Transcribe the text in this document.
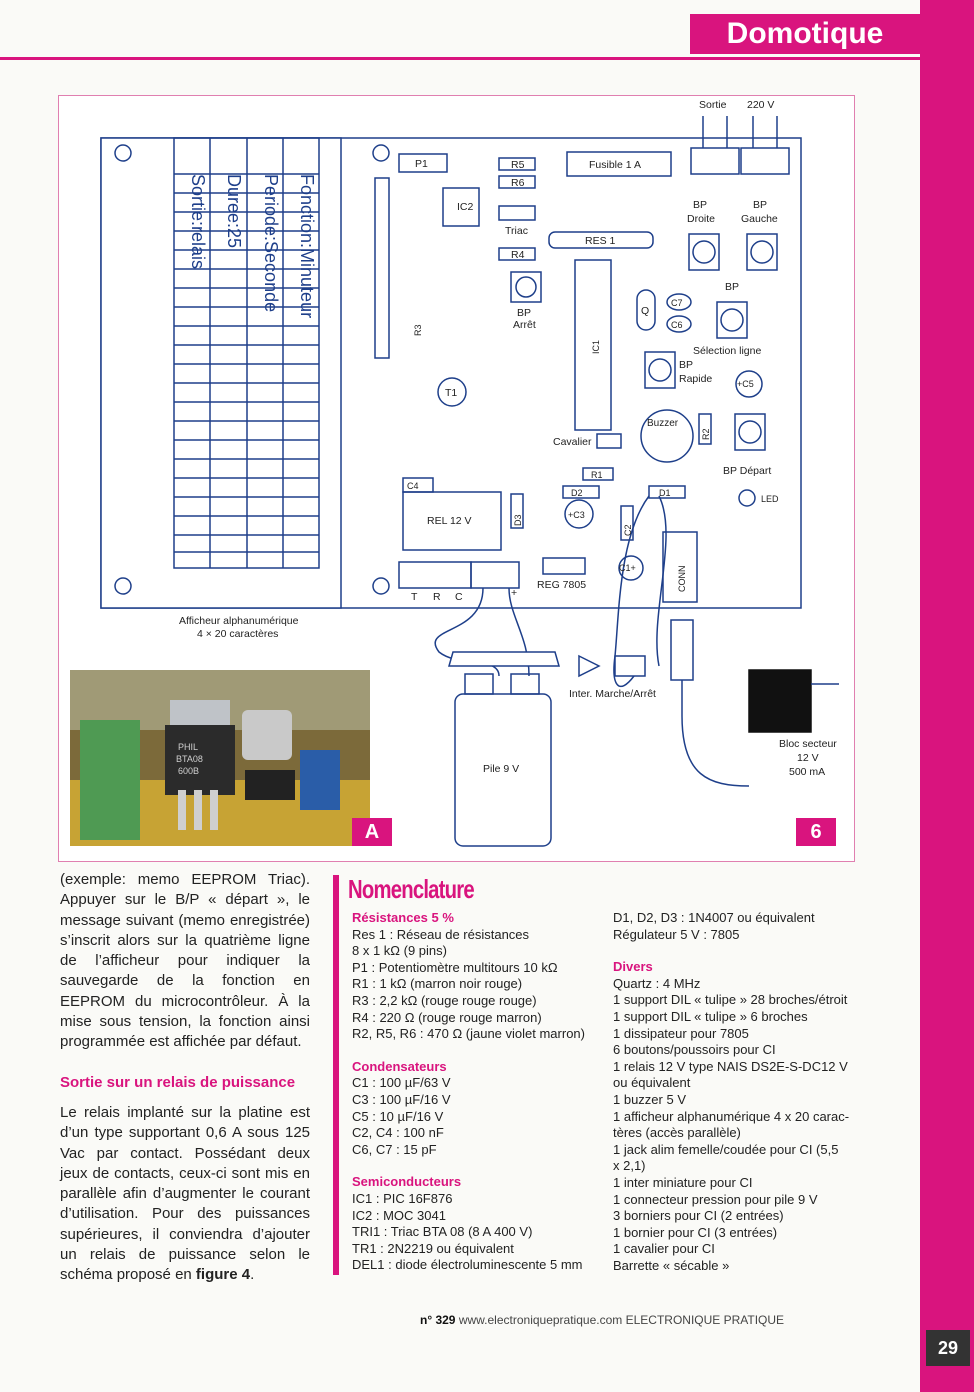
Domotique
Fonction:Minuteur
Periode:Seconde
Duree:25
Sortie:relais
Sortie 220 V
P1	R5
R6
Fusible 1 A
IC2
Triac
RES 1
R4
BP
Arrêt
BP
Droite
BP
Gauche
Q
C7
C6
BP
Sélection ligne
BP
Rapide	+C5
T1
Buzzer
Cavalier
BP Départ
R1
D2	D1
LED
C4
REL 12 V	+C3
C1+
REG 7805
T R C	+
Afficheur alphanumérique
4 × 20 caractères
Inter. Marche/Arrêt
Pile 9 V
Bloc secteur
12 V
500 mA
R3
IC1
R2
D3
C2
CONN
PHIL
BTA08
600B
A	6

(exemple: memo EEPROM Triac). Appuyer sur le B/P « départ », le message suivant (memo enregistrée) s’inscrit alors sur la quatrième ligne de l’afficheur pour indiquer la sauvegarde de la fonction en EEPROM du microcontrôleur. À la mise sous tension, la fonction ainsi programmée est affichée par défaut.

Sortie sur un relais de puissance

Le relais implanté sur la platine est d’un type supportant 0,6 A sous 125 Vac par contact. Possédant deux jeux de contacts, ceux-ci sont mis en parallèle afin d’augmenter le courant d’utilisation. Pour des puissances supérieures, il conviendra d’ajouter un relais de puissance selon le schéma proposé en figure 4.

Nomenclature
Résistances 5 %
Res 1 : Réseau de résistances
8 x 1 kΩ (9 pins)
P1 : Potentiomètre multitours 10 kΩ
R1 : 1 kΩ (marron noir rouge)
R3 : 2,2 kΩ (rouge rouge rouge)
R4 : 220 Ω (rouge rouge marron)
R2, R5, R6 : 470 Ω (jaune violet marron)
Condensateurs
C1 : 100 µF/63 V
C3 : 100 µF/16 V
C5 : 10 µF/16 V
C2, C4 : 100 nF
C6, C7 : 15 pF
Semiconducteurs
IC1 : PIC 16F876
IC2 : MOC 3041
TRI1 : Triac BTA 08 (8 A 400 V)
TR1 : 2N2219 ou équivalent
DEL1 : diode électroluminescente 5 mm
D1, D2, D3 : 1N4007 ou équivalent
Régulateur 5 V : 7805
Divers
Quartz : 4 MHz
1 support DIL « tulipe » 28 broches/étroit
1 support DIL « tulipe » 6 broches
1 dissipateur pour 7805
6 boutons/poussoirs pour CI
1 relais 12 V type NAIS DS2E-S-DC12 V
ou équivalent
1 buzzer 5 V
1 afficheur alphanumérique 4 x 20 carac-
tères (accès parallèle)
1 jack alim femelle/coudée pour CI (5,5
x 2,1)
1 inter miniature pour CI
1 connecteur pression pour pile 9 V
3 borniers pour CI (2 entrées)
1 bornier pour CI (3 entrées)
1 cavalier pour CI
Barrette « sécable »
n° 329 www.electroniquepratique.com ELECTRONIQUE PRATIQUE
29
